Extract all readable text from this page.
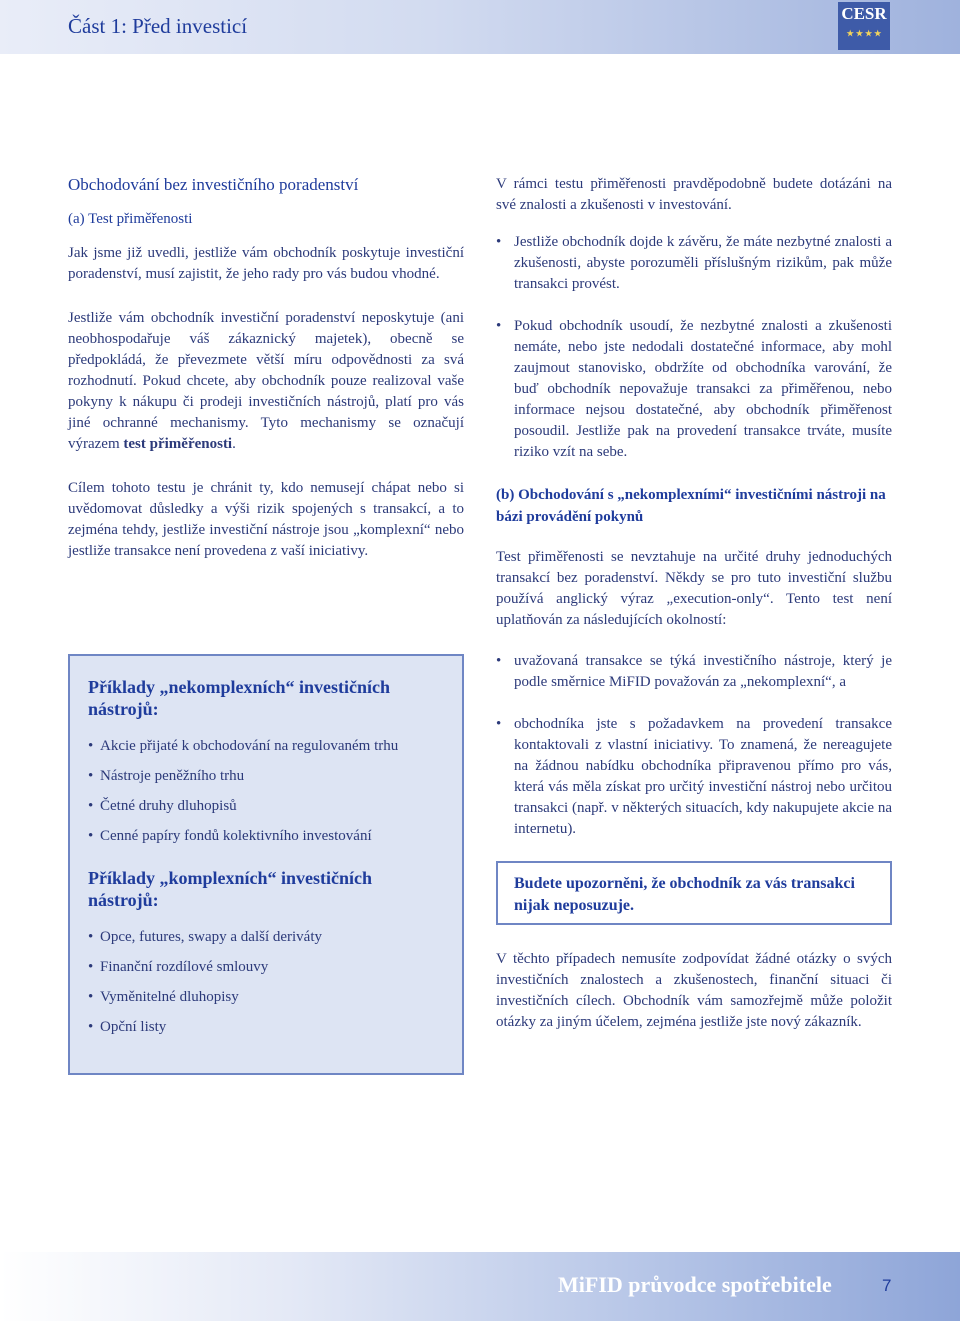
Část 1: Před investicí
CESR
★ ★ ★ ★
Obchodování bez investičního poradenství
(a) Test přiměřenosti

Jak jsme již uvedli, jestliže vám obchodník poskytuje investiční poradenství, musí zajistit, že jeho rady pro vás budou vhodné.

Jestliže vám obchodník investiční poradenství neposkytuje (ani neobhospodařuje váš zákaznický majetek), obecně se předpokládá, že převezmete větší míru odpovědnosti za svá rozhodnutí. Pokud chcete, aby obchodník pouze realizoval vaše pokyny k nákupu či prodeji investičních nástrojů, platí pro vás jiné ochranné mechanismy. Tyto mechanismy se označují výrazem test přiměřenosti.

Cílem tohoto testu je chránit ty, kdo nemusejí chápat nebo si uvědomovat důsledky a výši rizik spojených s transakcí, a to zejména tehdy, jestliže investiční nástroje jsou „komplexní“ nebo jestliže transakce není provedena z vaší iniciativy.

Příklady „nekomplexních“ investičních nástrojů:
• Akcie přijaté k obchodování na regulovaném trhu
• Nástroje peněžního trhu
• Četné druhy dluhopisů
• Cenné papíry fondů kolektivního investování
Příklady „komplexních“ investičních nástrojů:
• Opce, futures, swapy a další deriváty
• Finanční rozdílové smlouvy
• Vyměnitelné dluhopisy
• Opční listy

V rámci testu přiměřenosti pravděpodobně budete dotázáni na své znalosti a zkušenosti v investování.

• Jestliže obchodník dojde k závěru, že máte nezbytné znalosti a zkušenosti, abyste porozuměli příslušným rizikům, pak může transakci provést.
• Pokud obchodník usoudí, že nezbytné znalosti a zkušenosti nemáte, nebo jste nedodali dostatečné informace, aby mohl zaujmout stanovisko, obdržíte od obchodníka varování, že buď obchodník nepovažuje transakci za přiměřenou, nebo informace nejsou dostatečné, aby obchodník přiměřenost posoudil. Jestliže pak na provedení transakce trváte, musíte riziko vzít na sebe.
(b) Obchodování s „nekomplexními“ investičními nástroji na bázi provádění pokynů

Test přiměřenosti se nevztahuje na určité druhy jednoduchých transakcí bez poradenství. Někdy se pro tuto investiční službu používá anglický výraz „execution-only“. Tento test není uplatňován za následujících okolností:

• uvažovaná transakce se týká investičního nástroje, který je podle směrnice MiFID považován za „nekomplexní“, a
• obchodníka jste s požadavkem na provedení transakce kontaktovali z vlastní iniciativy. To znamená, že nereagujete na žádnou nabídku obchodníka připravenou přímo pro vás, která vás měla získat pro určitý investiční nástroj nebo určitou transakci (např. v některých situacích, kdy nakupujete akcie na internetu).
Budete upozorněni, že obchodník za vás transakci nijak neposuzuje.

V těchto případech nemusíte zodpovídat žádné otázky o svých investičních znalostech a zkušenostech, finanční situaci či investičních cílech. Obchodník vám samozřejmě může položit otázky za jiným účelem, zejména jestliže jste nový zákazník.

MiFID průvodce spotřebitele	7
